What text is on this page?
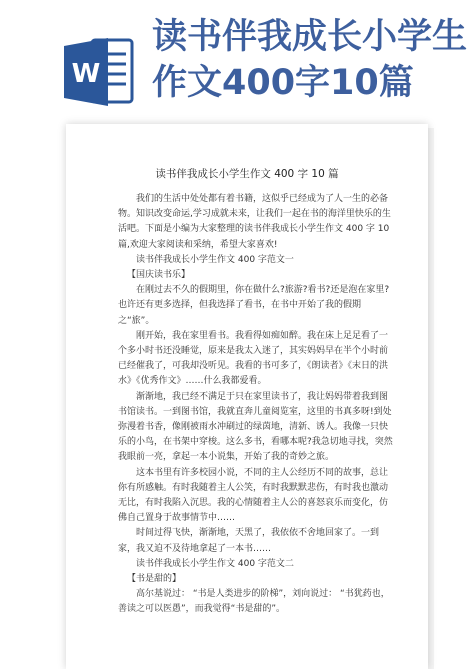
W
读书伴我成长小学生作文400字10篇
读书伴我成长小学生作文 400 字 10 篇

我们的生活中处处都有着书籍，这似乎已经成为了人一生的必备物。知识改变命运,学习成就未来，让我们一起在书的海洋里快乐的生活吧。下面是小编为大家整理的读书伴我成长小学生作文 400 字 10 篇,欢迎大家阅读和采纳，希望大家喜欢!

读书伴我成长小学生作文 400 字范文一

【国庆读书乐】

在刚过去不久的假期里，你在做什么?旅游?看书?还是泡在家里?也许还有更多选择，但我选择了看书，在书中开始了我的假期之“旅”。

刚开始，我在家里看书。我看得如痴如醉。我在床上足足看了一个多小时书还没睡觉，原来是我太入迷了，其实妈妈早在半个小时前已经催我了，可我却没听见。我看的书可多了，《朗读者》《末日的洪水》《优秀作文》……什么我都爱看。

渐渐地，我已经不满足于只在家里读书了，我让妈妈带着我到图书馆读书。一到图书馆，我就直奔儿童阅览室，这里的书真多呀!到处弥漫着书香，像刚被雨水冲刷过的绿茵地，清新、诱人。我像一只快乐的小鸟，在书架中穿梭。这么多书，看哪本呢?我急切地寻找，突然我眼前一亮，拿起一本小说集，开始了我的奇妙之旅。

这本书里有许多校园小说，不同的主人公经历不同的故事，总让你有所感触。有时我随着主人公笑，有时我默默悲伤，有时我也激动无比，有时我陷入沉思。我的心情随着主人公的喜怒哀乐而变化，仿佛自己置身于故事情节中……

时间过得飞快，渐渐地，天黑了，我依依不舍地回家了。一到家，我又迫不及待地拿起了一本书……

读书伴我成长小学生作文 400 字范文二

【书是甜的】

高尔基说过： “书是人类进步的阶梯”，刘向说过： “书犹药也，善读之可以医愚”，而我觉得“书是甜的”。
